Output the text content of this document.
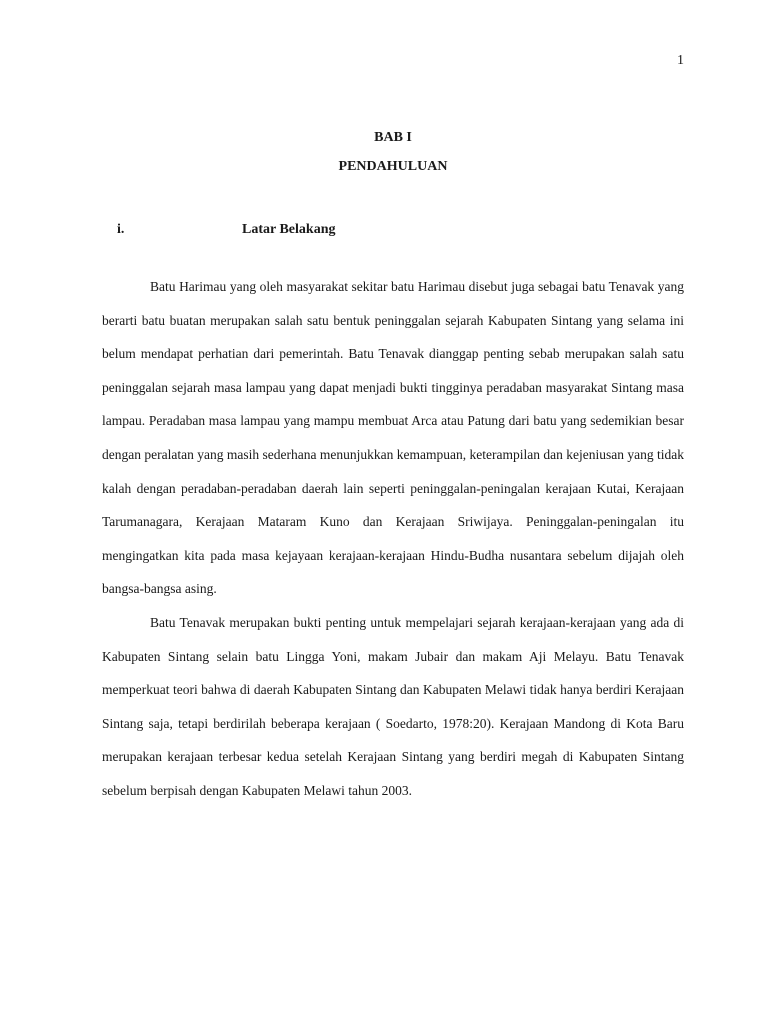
1
BAB I
PENDAHULUAN
i.	Latar Belakang

Batu Harimau yang oleh masyarakat sekitar batu Harimau disebut juga sebagai batu Tenavak yang berarti batu buatan merupakan salah satu bentuk peninggalan sejarah Kabupaten Sintang yang selama ini belum mendapat perhatian dari pemerintah. Batu Tenavak dianggap penting sebab merupakan salah satu peninggalan sejarah masa lampau yang dapat menjadi bukti tingginya peradaban masyarakat Sintang masa lampau. Peradaban masa lampau yang mampu membuat Arca atau Patung dari batu yang sedemikian besar dengan peralatan yang masih sederhana menunjukkan kemampuan, keterampilan dan kejeniusan yang tidak kalah dengan peradaban-peradaban daerah lain seperti peninggalan-peningalan kerajaan Kutai, Kerajaan Tarumanagara, Kerajaan Mataram Kuno dan Kerajaan Sriwijaya. Peninggalan-peningalan itu mengingatkan kita pada masa kejayaan kerajaan-kerajaan Hindu-Budha nusantara sebelum dijajah oleh bangsa-bangsa asing.

Batu Tenavak merupakan bukti penting untuk mempelajari sejarah kerajaan-kerajaan yang ada di Kabupaten Sintang selain batu Lingga Yoni, makam Jubair dan makam Aji Melayu. Batu Tenavak memperkuat teori bahwa di daerah Kabupaten Sintang dan Kabupaten Melawi tidak hanya berdiri Kerajaan Sintang saja, tetapi berdirilah beberapa kerajaan ( Soedarto, 1978:20). Kerajaan Mandong di Kota Baru merupakan kerajaan terbesar kedua setelah Kerajaan Sintang yang berdiri megah di Kabupaten Sintang sebelum berpisah dengan Kabupaten Melawi tahun 2003.
